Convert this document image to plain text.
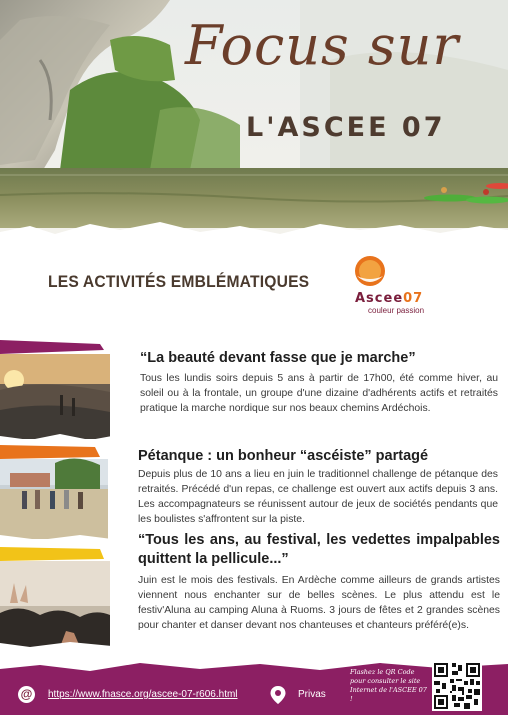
Focus sur
L'ASCEE 07
LES ACTIVITÉS EMBLÉMATIQUES
Ascee07
couleur passion
“La beauté devant fasse que je marche”
Tous les lundis soirs depuis 5 ans à partir de 17h00, été comme hiver, au soleil ou à la frontale, un groupe d'une dizaine d'adhérents actifs et retraités pratique la marche nordique sur nos beaux chemins Ardéchois.
Pétanque : un bonheur “ascéiste” partagé
Depuis plus de 10 ans a lieu en juin le traditionnel challenge de pétanque des retraités. Précédé d'un repas, ce challenge est ouvert aux actifs depuis 3 ans. Les accompagnateurs se réunissent autour de jeux de sociétés pendants que les boulistes s'affrontent sur la piste.
“Tous les ans, au festival, les vedettes impalpables quittent la pellicule...”
Juin est le mois des festivals. En Ardèche comme ailleurs de grands artistes viennent nous enchanter sur de belles scènes. Le plus attendu est le festiv'Aluna au camping Aluna à Ruoms. 3 jours de fêtes et 2 grandes scènes pour chanter et danser devant nos chanteuses et chanteurs préféré(e)s.
@ https://www.fnasce.org/ascee-07-r606.html	Privas
Flashez le QR Code pour consulter le site Internet de l'ASCEE 07 !
